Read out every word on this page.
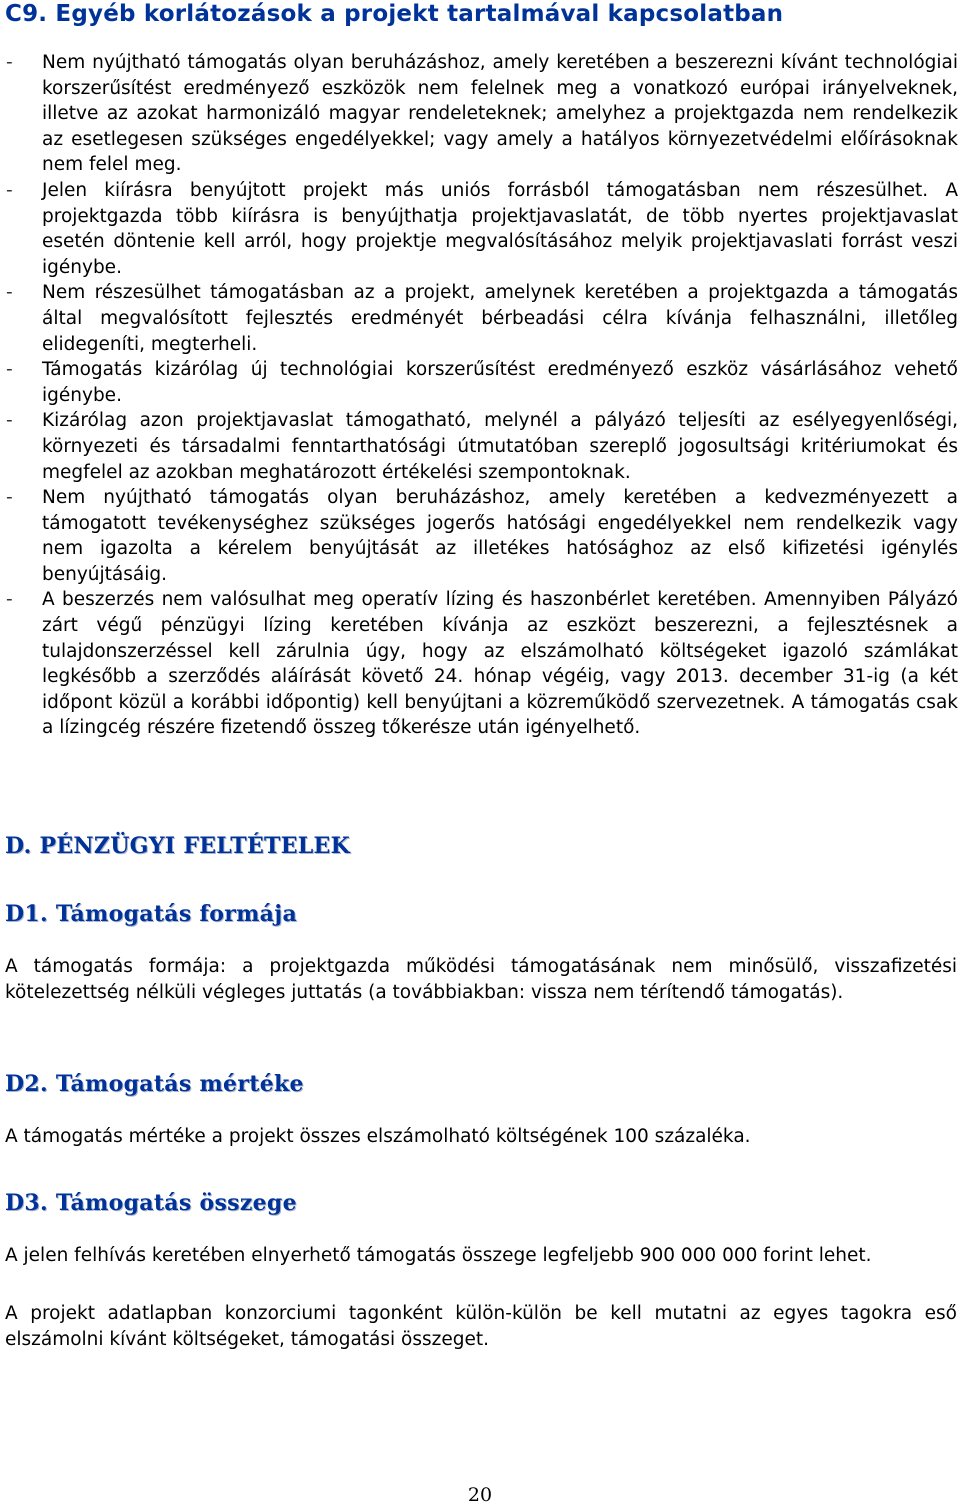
C9. Egyéb korlátozások a projekt tartalmával kapcsolatban
- Nem nyújtható támogatás olyan beruházáshoz, amely keretében a beszerezni kívánt technológiai korszerűsítést eredményező eszközök nem felelnek meg a vonatkozó európai irányelveknek, illetve az azokat harmonizáló magyar rendeleteknek; amelyhez a projektgazda nem rendelkezik az esetlegesen szükséges engedélyekkel; vagy amely a hatályos környezetvédelmi előírásoknak nem felel meg.
- Jelen kiírásra benyújtott projekt más uniós forrásból támogatásban nem részesülhet. A projektgazda több kiírásra is benyújthatja projektjavaslatát, de több nyertes projektjavaslat esetén döntenie kell arról, hogy projektje megvalósításához melyik projektjavaslati forrást veszi igénybe.
- Nem részesülhet támogatásban az a projekt, amelynek keretében a projektgazda a támogatás által megvalósított fejlesztés eredményét bérbeadási célra kívánja felhasználni, illetőleg elidegeníti, megterheli.
- Támogatás kizárólag új technológiai korszerűsítést eredményező eszköz vásárlásához vehető igénybe.
- Kizárólag azon projektjavaslat támogatható, melynél a pályázó teljesíti az esélyegyenlőségi, környezeti és társadalmi fenntarthatósági útmutatóban szereplő jogosultsági kritériumokat és megfelel az azokban meghatározott értékelési szempontoknak.
- Nem nyújtható támogatás olyan beruházáshoz, amely keretében a kedvezményezett a támogatott tevékenységhez szükséges jogerős hatósági engedélyekkel nem rendelkezik vagy nem igazolta a kérelem benyújtását az illetékes hatósághoz az első kifizetési igénylés benyújtásáig.
- A beszerzés nem valósulhat meg operatív lízing és haszonbérlet keretében. Amennyiben Pályázó zárt végű pénzügyi lízing keretében kívánja az eszközt beszerezni, a fejlesztésnek a tulajdonszerzéssel kell zárulnia úgy, hogy az elszámolható költségeket igazoló számlákat legkésőbb a szerződés aláírását követő 24. hónap végéig, vagy 2013. december 31-ig (a két időpont közül a korábbi időpontig) kell benyújtani a közreműködő szervezetnek. A támogatás csak a lízingcég részére fizetendő összeg tőkerésze után igényelhető.
D. PÉNZÜGYI FELTÉTELEK
D1. Támogatás formája

A támogatás formája: a projektgazda működési támogatásának nem minősülő, visszafizetési kötelezettség nélküli végleges juttatás (a továbbiakban: vissza nem térítendő támogatás).

D2. Támogatás mértéke

A támogatás mértéke a projekt összes elszámolható költségének 100 százaléka.

D3. Támogatás összege

A jelen felhívás keretében elnyerhető támogatás összege legfeljebb 900 000 000 forint lehet.

A projekt adatlapban konzorciumi tagonként külön-külön be kell mutatni az egyes tagokra eső elszámolni kívánt költségeket, támogatási összeget.

20
